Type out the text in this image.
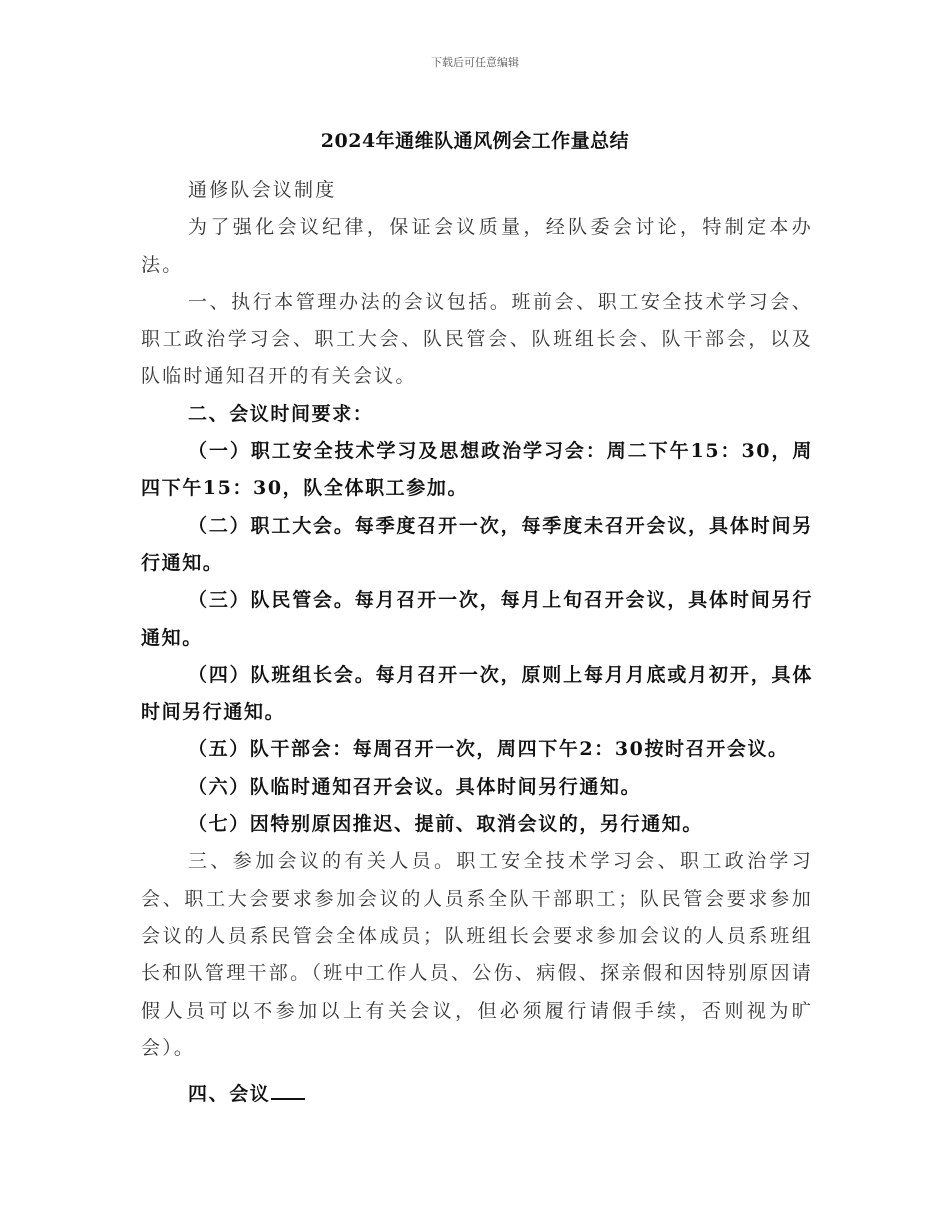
下载后可任意编辑
2024年通维队通风例会工作量总结

通修队会议制度

为了强化会议纪律，保证会议质量，经队委会讨论，特制定本办法。

一、执行本管理办法的会议包括。班前会、职工安全技术学习会、职工政治学习会、职工大会、队民管会、队班组长会、队干部会，以及队临时通知召开的有关会议。

二、会议时间要求：

（一）职工安全技术学习及思想政治学习会：周二下午15：30，周四下午15：30，队全体职工参加。

（二）职工大会。每季度召开一次，每季度未召开会议，具体时间另行通知。

（三）队民管会。每月召开一次，每月上旬召开会议，具体时间另行通知。

（四）队班组长会。每月召开一次，原则上每月月底或月初开，具体时间另行通知。

（五）队干部会：每周召开一次，周四下午2：30按时召开会议。

（六）队临时通知召开会议。具体时间另行通知。

（七）因特别原因推迟、提前、取消会议的，另行通知。

三、参加会议的有关人员。职工安全技术学习会、职工政治学习会、职工大会要求参加会议的人员系全队干部职工；队民管会要求参加会议的人员系民管会全体成员；队班组长会要求参加会议的人员系班组长和队管理干部。（班中工作人员、公伤、病假、探亲假和因特别原因请假人员可以不参加以上有关会议，但必须履行请假手续，否则视为旷会）。

四、会议
